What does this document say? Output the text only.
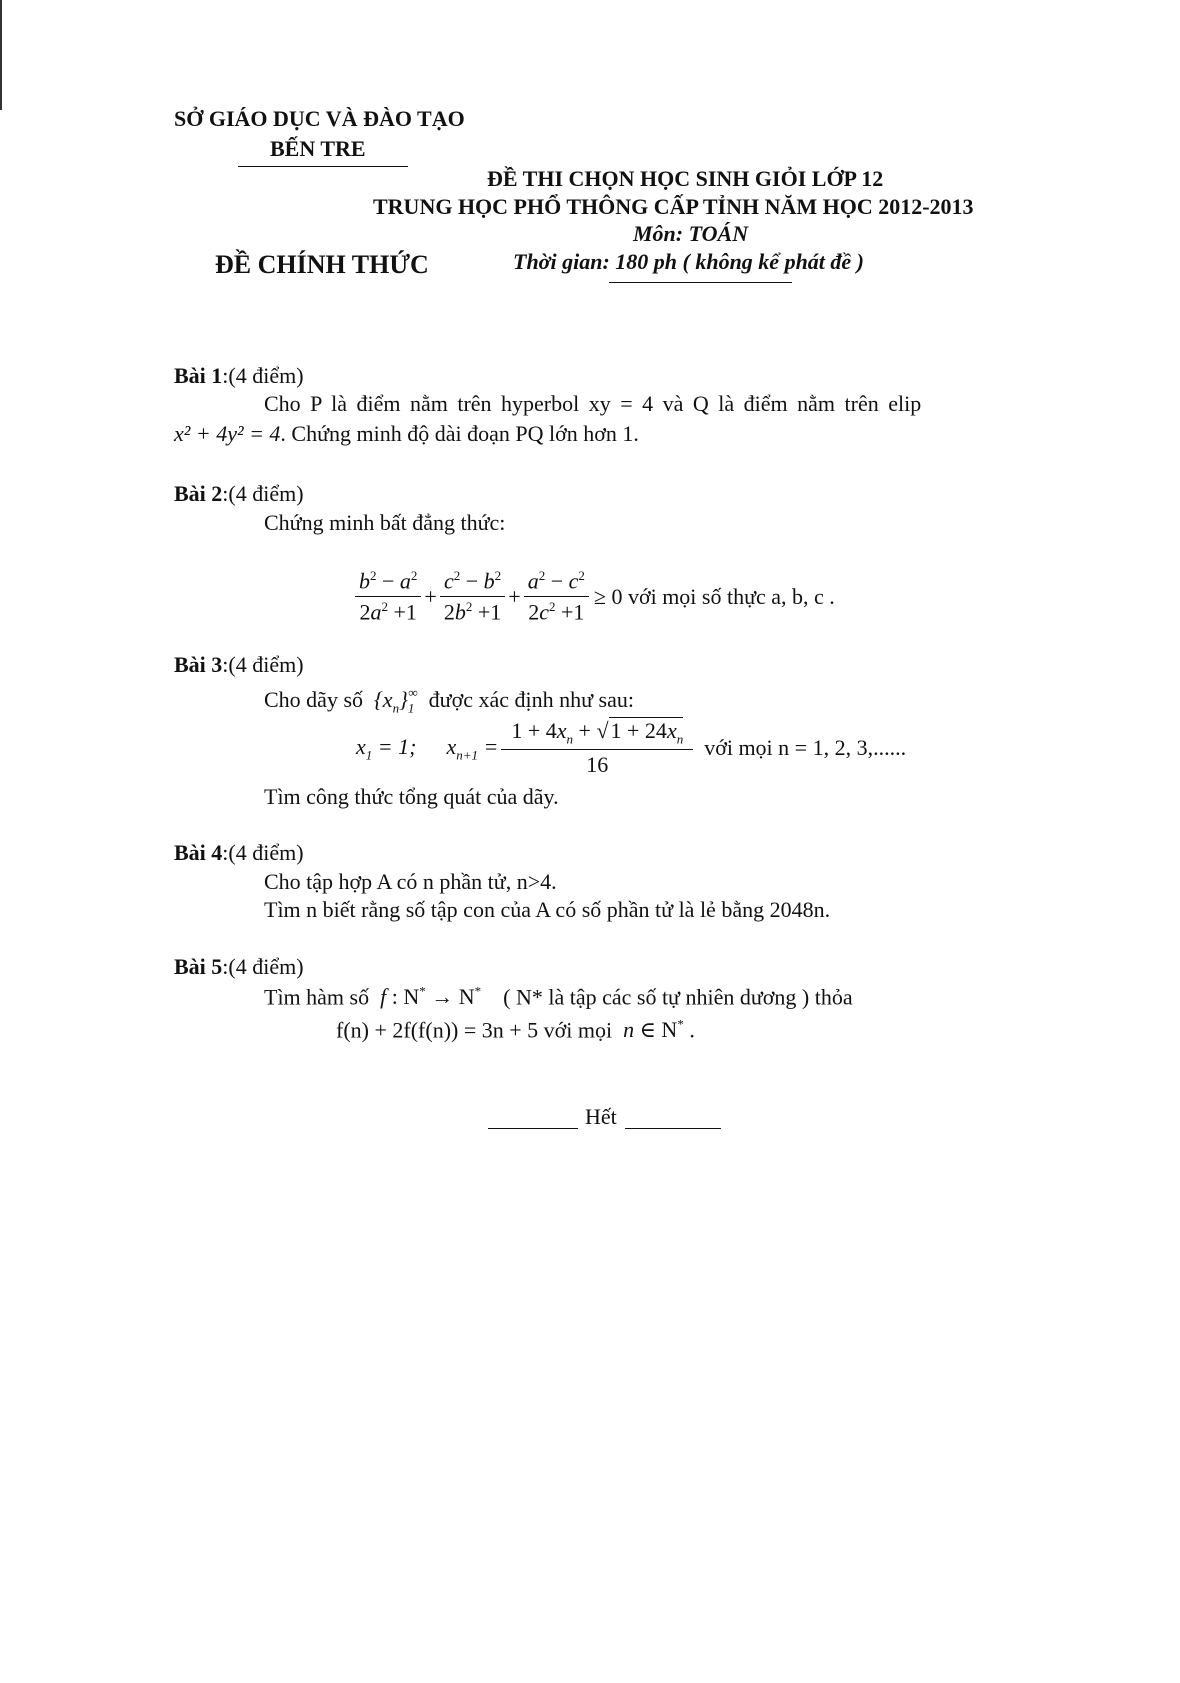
SỞ GIÁO DỤC VÀ ĐÀO TẠO
BẾN TRE
ĐỀ THI CHỌN HỌC SINH GIỎI LỚP 12
TRUNG HỌC PHỔ THÔNG CẤP TỈNH NĂM HỌC 2012-2013
Môn: TOÁN
ĐỀ CHÍNH THỨC	Thời gian: 180 ph ( không kể phát đề )
Bài 1:(4 điểm)
Cho P là điểm nằm trên hyperbol xy = 4 và Q là điểm nằm trên elip
x² + 4y² = 4. Chứng minh độ dài đoạn PQ lớn hơn 1.
Bài 2:(4 điểm)
Chứng minh bất đẳng thức:
$\frac{b^2 - a^2}{2a^2 +1} + \frac{c^2 - b^2}{2b^2 +1} + \frac{a^2 - c^2}{2c^2 +1} \ge 0$ với mọi số thực a, b, c .
Bài 3:(4 điểm)
Cho dãy số $\{x_n\}_1^\infty$ được xác định như sau:
$x_1 = 1$; $x_{n+1} = \frac{1 + 4x_n + √1 + 24x_n}{16}$ với mọi n = 1, 2, 3,......
Tìm công thức tổng quát của dãy.
Bài 4:(4 điểm)
Cho tập hợp A có n phần tử, n>4.
Tìm n biết rằng số tập con của A có số phần tử là lẻ bằng 2048n.
Bài 5:(4 điểm)
Tìm hàm số f : N* → N* ( N* là tập các số tự nhiên dương ) thỏa
f(n) + 2f(f(n)) = 3n + 5 với mọi n ∈ N* .
Hết
